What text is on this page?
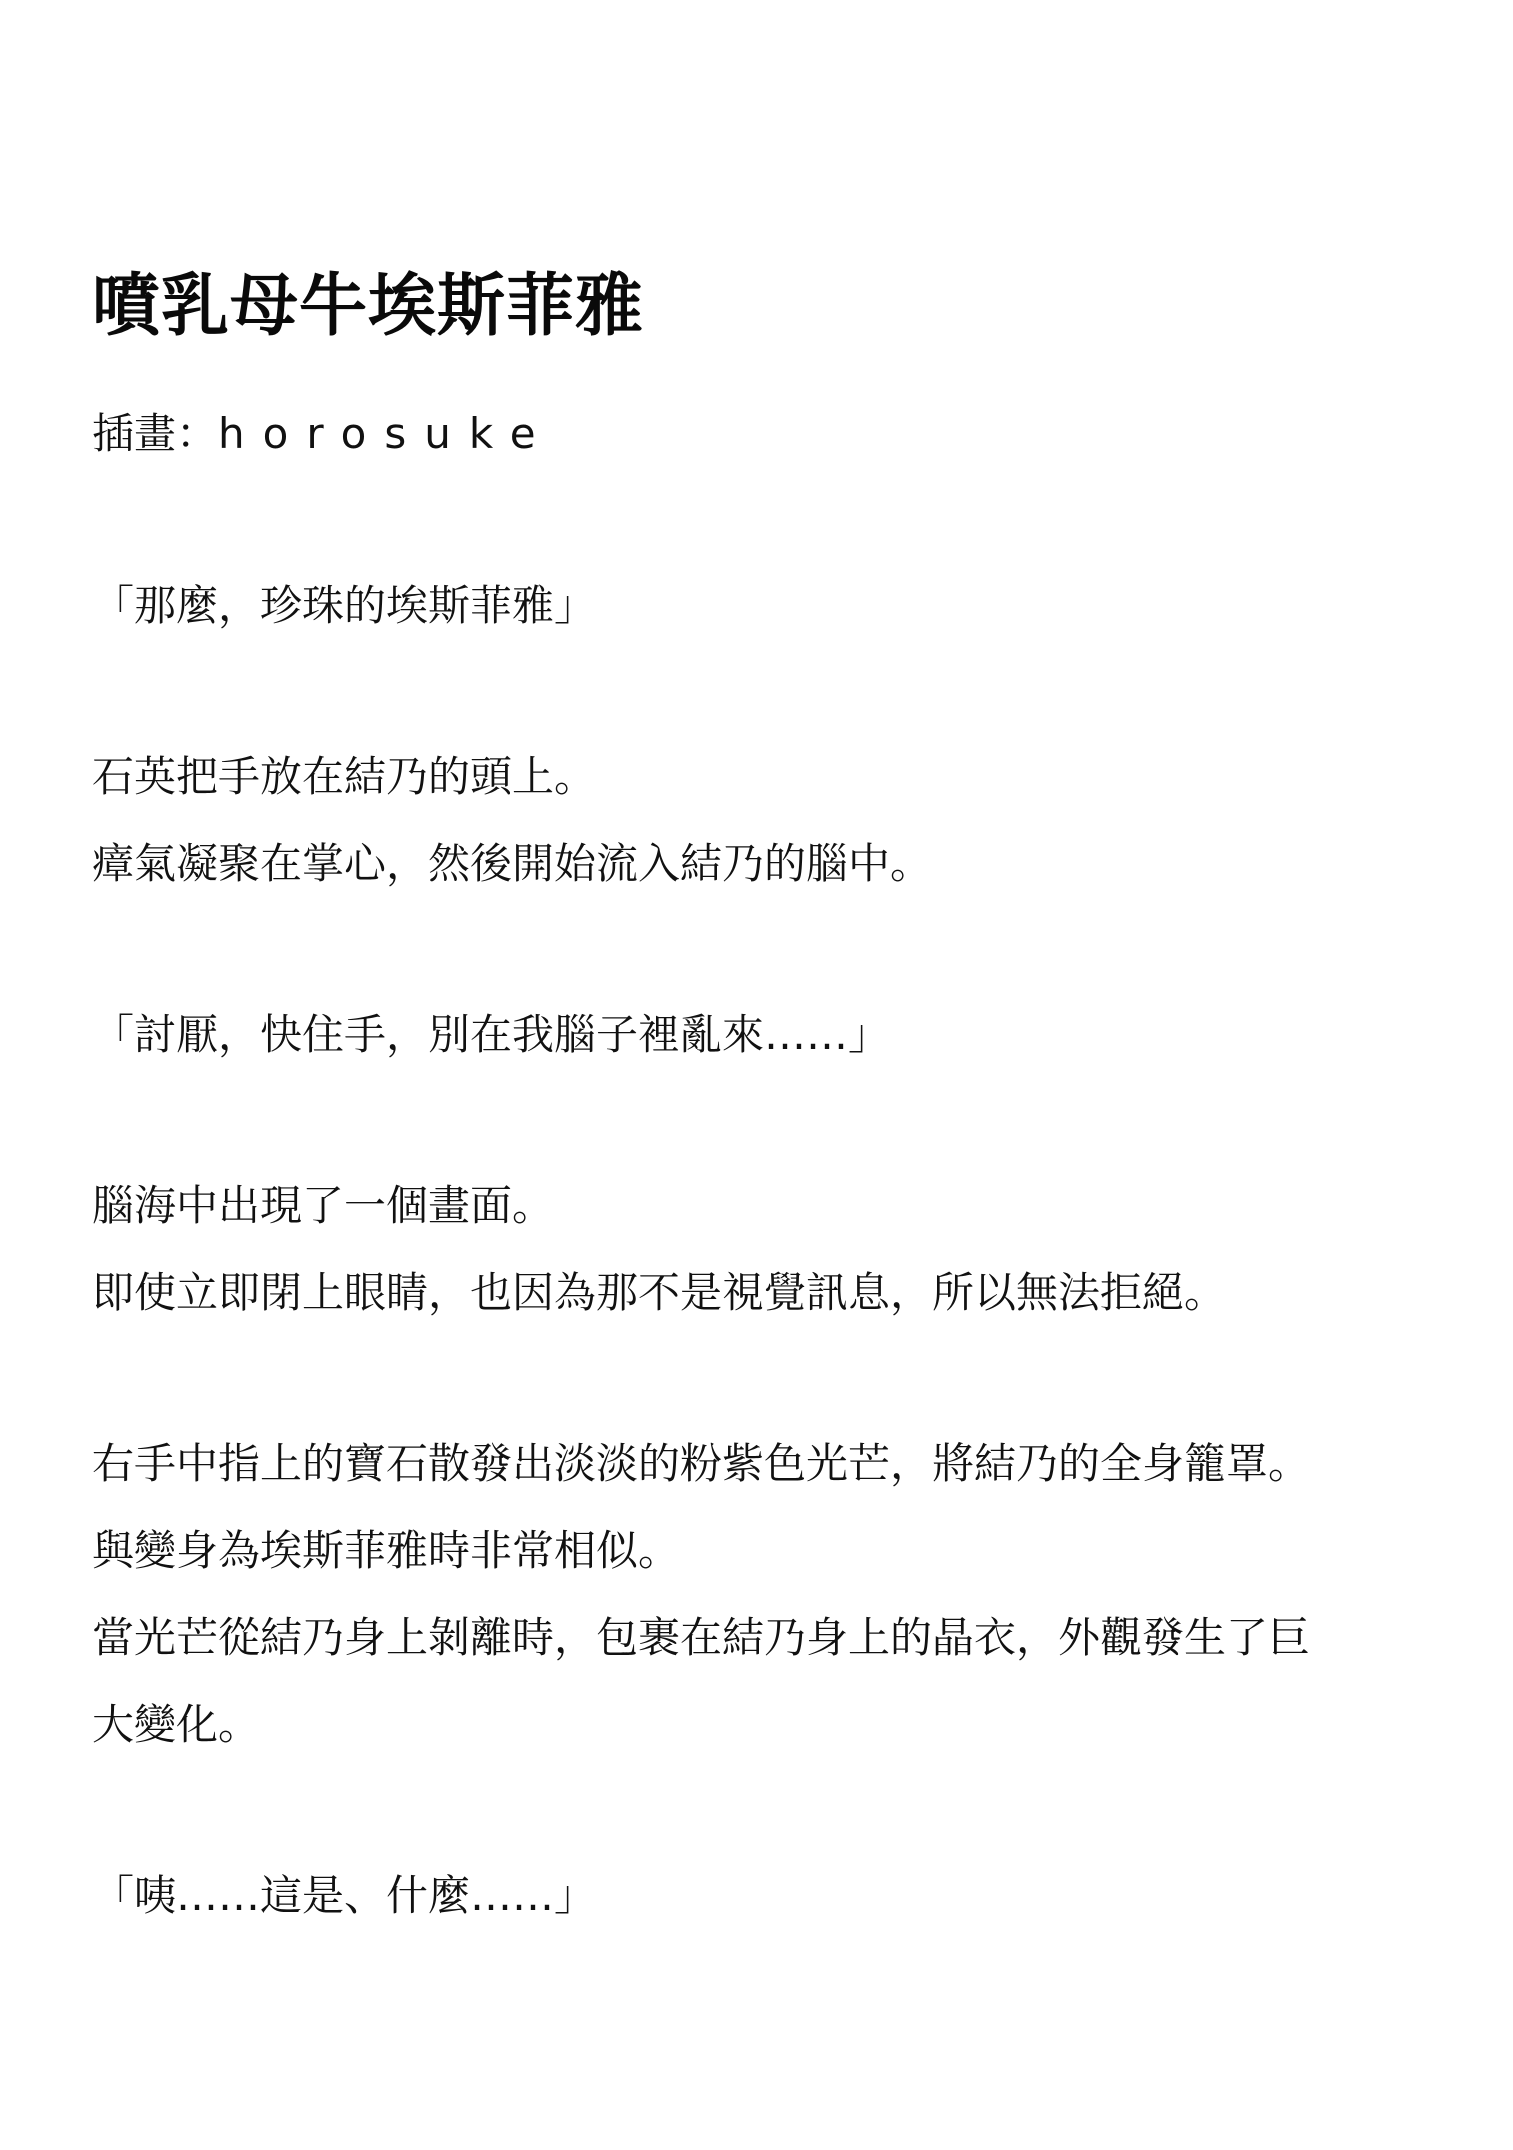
噴乳母牛埃斯菲雅
插畫：horosuke
「那麼，珍珠的埃斯菲雅」
石英把手放在結乃的頭上。
瘴氣凝聚在掌心，然後開始流入結乃的腦中。
「討厭，快住手，別在我腦子裡亂來……」
腦海中出現了一個畫面。
即使立即閉上眼睛，也因為那不是視覺訊息，所以無法拒絕。
右手中指上的寶石散發出淡淡的粉紫色光芒，將結乃的全身籠罩。
與變身為埃斯菲雅時非常相似。
當光芒從結乃身上剝離時，包裹在結乃身上的晶衣，外觀發生了巨
大變化。
「咦……這是、什麼……」
